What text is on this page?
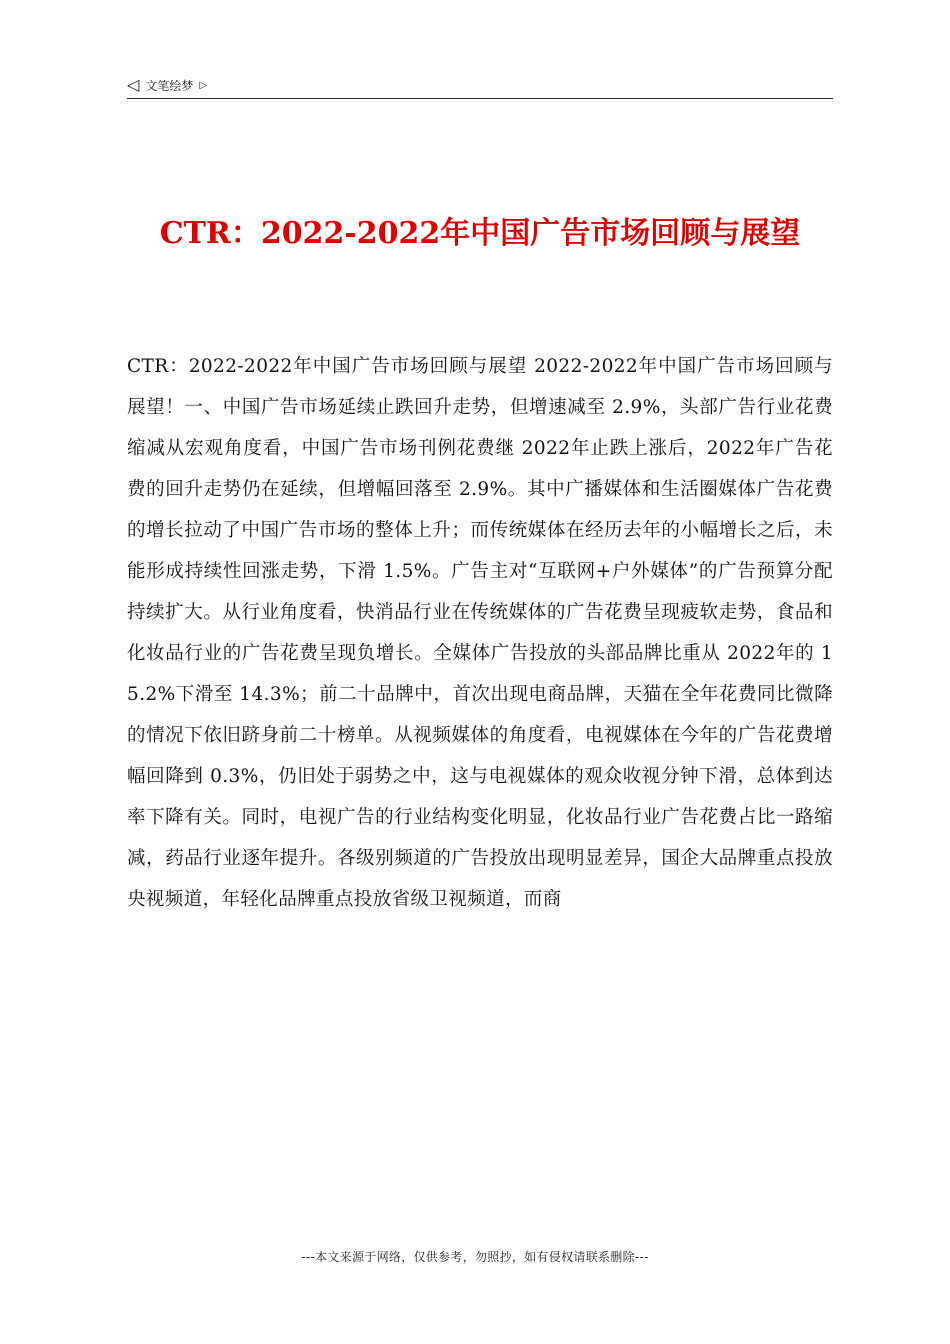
◁ 文笔绘梦 ▷
CTR：2022-2022年中国广告市场回顾与展望
CTR：2022-2022年中国广告市场回顾与展望 2022-2022年中国广告市场回顾与展望！一、中国广告市场延续止跌回升走势，但增速减至 2.9%，头部广告行业花费缩减从宏观角度看，中国广告市场刊例花费继 2022年止跌上涨后，2022年广告花费的回升走势仍在延续，但增幅回落至 2.9%。其中广播媒体和生活圈媒体广告花费的增长拉动了中国广告市场的整体上升；而传统媒体在经历去年的小幅增长之后，未能形成持续性回涨走势，下滑 1.5%。广告主对“互联网+户外媒体”的广告预算分配持续扩大。从行业角度看，快消品行业在传统媒体的广告花费呈现疲软走势，食品和化妆品行业的广告花费呈现负增长。全媒体广告投放的头部品牌比重从 2022年的 15.2%下滑至 14.3%；前二十品牌中，首次出现电商品牌，天猫在全年花费同比微降的情况下依旧跻身前二十榜单。从视频媒体的角度看，电视媒体在今年的广告花费增幅回降到 0.3%，仍旧处于弱势之中，这与电视媒体的观众收视分钟下滑，总体到达率下降有关。同时，电视广告的行业结构变化明显，化妆品行业广告花费占比一路缩减，药品行业逐年提升。各级别频道的广告投放出现明显差异，国企大品牌重点投放央视频道，年轻化品牌重点投放省级卫视频道，而商
---本文来源于网络，仅供参考，勿照抄，如有侵权请联系删除---
